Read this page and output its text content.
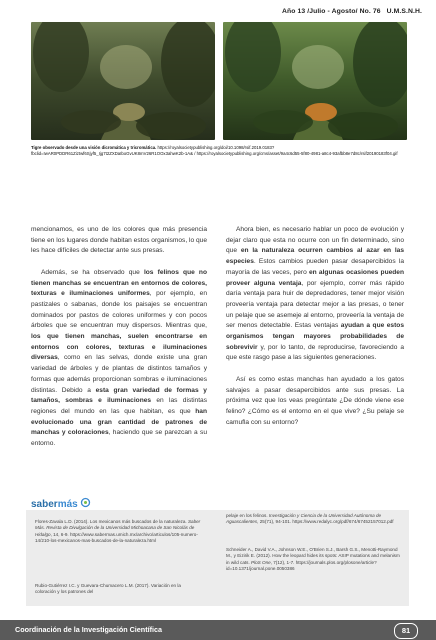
Año 13 /Julio - Agosto/ No. 76 U.M.S.N.H.
Tigre observado desde una visión dicromática y tricromática. https://royalsocietypublishing.org/doi/10.1098/rsif.2019.0183?fbclid=IwAR0PDDR61Ziztwf6Sjyf5_Ijg7t2ZXDaIboGvUK8mV26R1OOx3ahwK2b-1A& / https://royalsocietypublishing.org/cms/asset/9a4c6d55-5f80-4981-a8c4-93afbb8e7d8c/rsif20190183f04.gif

mencionamos, es uno de los colores que más presencia tiene en los lugares donde habitan estos organismos, lo que les hace difíciles de detectar ante sus presas.

Además, se ha observado que los felinos que no tienen manchas se encuentran en entornos de colores, texturas e iluminaciones uniformes, por ejemplo, en pastizales o sabanas, donde los paisajes se encuentran dominados por pastos de colores uniformes y con pocos árboles que se encuentran muy dispersos. Mientras que, los que tienen manchas, suelen encontrarse en entornos con colores, texturas e iluminaciones diversas, como en las selvas, donde existe una gran variedad de árboles y de plantas de distintos tamaños y formas que además proporcionan sombras e iluminaciones distintas. Debido a esta gran variedad de formas y tamaños, sombras e iluminaciones en las distintas regiones del mundo en las que habitan, es que han evolucionado una gran cantidad de patrones de manchas y coloraciones, haciendo que se parezcan a su entorno.

Ahora bien, es necesario hablar un poco de evolución y dejar claro que esta no ocurre con un fin determinado, sino que en la naturaleza ocurren cambios al azar en las especies. Estos cambios pueden pasar desapercibidos la mayoría de las veces, pero en algunas ocasiones pueden proveer alguna ventaja, por ejemplo, correr más rápido daría ventaja para huir de depredadores, tener mejor visión proveería ventaja para detectar mejor a las presas, o tener un pelaje que se asemeje al entorno, proveería la ventaja de ser menos detectable. Estas ventajas ayudan a que estos organismos tengan mayores probabilidades de sobrevivir y, por lo tanto, de reproducirse, favoreciendo a que este rasgo pase a las siguientes generaciones.

Así es como estas manchas han ayudado a los gatos salvajes a pasar desapercibidos ante sus presas. La próxima vez que los veas pregúntate ¿De dónde viene ese felino? ¿Cómo es el entorno en el que vive? ¿Su pelaje se camufla con su entorno?

sabermás
Flores-Zavala L.D. (2014). Los mexicanos más buscados de la naturaleza. Saber Más. Revista de Divulgación de la Universidad Michoacana de San Nicolás de Hidalgo, 14, 6-9. https://www.sabermas.umich.mx/archivo/articulos/105-numero-14/210-los-mexicanos-mas-buscados-de-la-naturaleza.html
Rubio-Gutiérrez I.C. y Guevara-Chumacero L.M. (2017). Variación en la coloración y los patrones del
pelaje en los felinos. Investigación y Ciencia de la Universidad Autónoma de Aguascalientes, 25(71), 94-101. https://www.redalyc.org/pdf/674/67452157012.pdf
Schneider A., David V.A., Johnson W.E., O'Brien S.J., Barsh G.S., Menotti-Raymond M., y Eizirik E. (2012). How the leopard hides its spots: ASIP mutations and melanism in wild cats. PloS One, 7(12), 1-7. https://journals.plos.org/plosone/article?id=10.1371/journal.pone.0050386
Coordinación de la Investigación Científica	81
